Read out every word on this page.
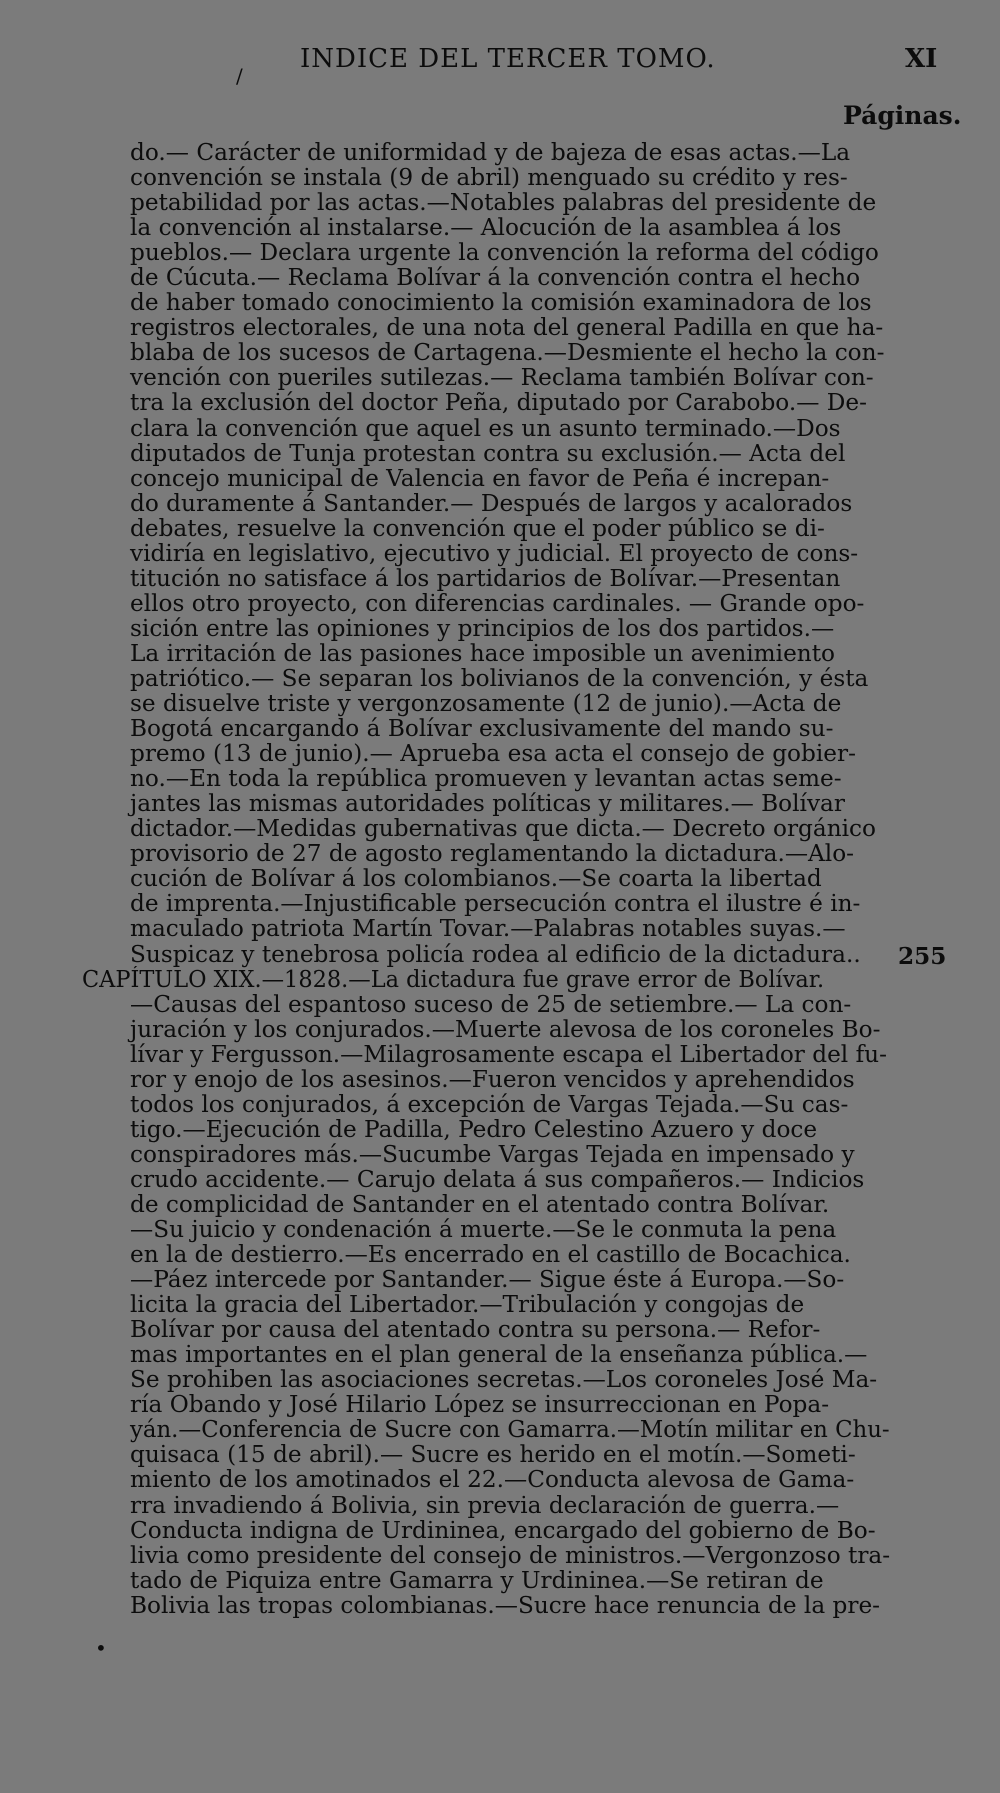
INDICE DEL TERCER TOMO.	XI
/
Páginas.
do.— Carácter de uniformidad y de bajeza de esas actas.—La
convención se instala (9 de abril) menguado su crédito y res-
petabilidad por las actas.—Notables palabras del presidente de
la convención al instalarse.— Alocución de la asamblea á los
pueblos.— Declara urgente la convención la reforma del código
de Cúcuta.— Reclama Bolívar á la convención contra el hecho
de haber tomado conocimiento la comisión examinadora de los
registros electorales, de una nota del general Padilla en que ha-
blaba de los sucesos de Cartagena.—Desmiente el hecho la con-
vención con pueriles sutilezas.— Reclama también Bolívar con-
tra la exclusión del doctor Peña, diputado por Carabobo.— De-
clara la convención que aquel es un asunto terminado.—Dos
diputados de Tunja protestan contra su exclusión.— Acta del
concejo municipal de Valencia en favor de Peña é increpan-
do duramente á Santander.— Después de largos y acalorados
debates, resuelve la convención que el poder público se di-
vidiría en legislativo, ejecutivo y judicial. El proyecto de cons-
titución no satisface á los partidarios de Bolívar.—Presentan
ellos otro proyecto, con diferencias cardinales. — Grande opo-
sición entre las opiniones y principios de los dos partidos.—
La irritación de las pasiones hace imposible un avenimiento
patriótico.— Se separan los bolivianos de la convención, y ésta
se disuelve triste y vergonzosamente (12 de junio).—Acta de
Bogotá encargando á Bolívar exclusivamente del mando su-
premo (13 de junio).— Aprueba esa acta el consejo de gobier-
no.—En toda la república promueven y levantan actas seme-
jantes las mismas autoridades políticas y militares.— Bolívar
dictador.—Medidas gubernativas que dicta.— Decreto orgánico
provisorio de 27 de agosto reglamentando la dictadura.—Alo-
cución de Bolívar á los colombianos.—Se coarta la libertad
de imprenta.—Injustificable persecución contra el ilustre é in-
maculado patriota Martín Tovar.—Palabras notables suyas.—
Suspicaz y tenebrosa policía rodea al edificio de la dictadura..
CAPÍTULO XIX.—1828.—La dictadura fue grave error de Bolívar.
—Causas del espantoso suceso de 25 de setiembre.— La con-
juración y los conjurados.—Muerte alevosa de los coroneles Bo-
lívar y Fergusson.—Milagrosamente escapa el Libertador del fu-
ror y enojo de los asesinos.—Fueron vencidos y aprehendidos
todos los conjurados, á excepción de Vargas Tejada.—Su cas-
tigo.—Ejecución de Padilla, Pedro Celestino Azuero y doce
conspiradores más.—Sucumbe Vargas Tejada en impensado y
crudo accidente.— Carujo delata á sus compañeros.— Indicios
de complicidad de Santander en el atentado contra Bolívar.
—Su juicio y condenación á muerte.—Se le conmuta la pena
en la de destierro.—Es encerrado en el castillo de Bocachica.
—Páez intercede por Santander.— Sigue éste á Europa.—So-
licita la gracia del Libertador.—Tribulación y congojas de
Bolívar por causa del atentado contra su persona.— Refor-
mas importantes en el plan general de la enseñanza pública.—
Se prohiben las asociaciones secretas.—Los coroneles José Ma-
ría Obando y José Hilario López se insurreccionan en Popa-
yán.—Conferencia de Sucre con Gamarra.—Motín militar en Chu-
quisaca (15 de abril).— Sucre es herido en el motín.—Someti-
miento de los amotinados el 22.—Conducta alevosa de Gama-
rra invadiendo á Bolivia, sin previa declaración de guerra.—
Conducta indigna de Urdininea, encargado del gobierno de Bo-
livia como presidente del consejo de ministros.—Vergonzoso tra-
tado de Piquiza entre Gamarra y Urdininea.—Se retiran de
Bolivia las tropas colombianas.—Sucre hace renuncia de la pre-
255
•
